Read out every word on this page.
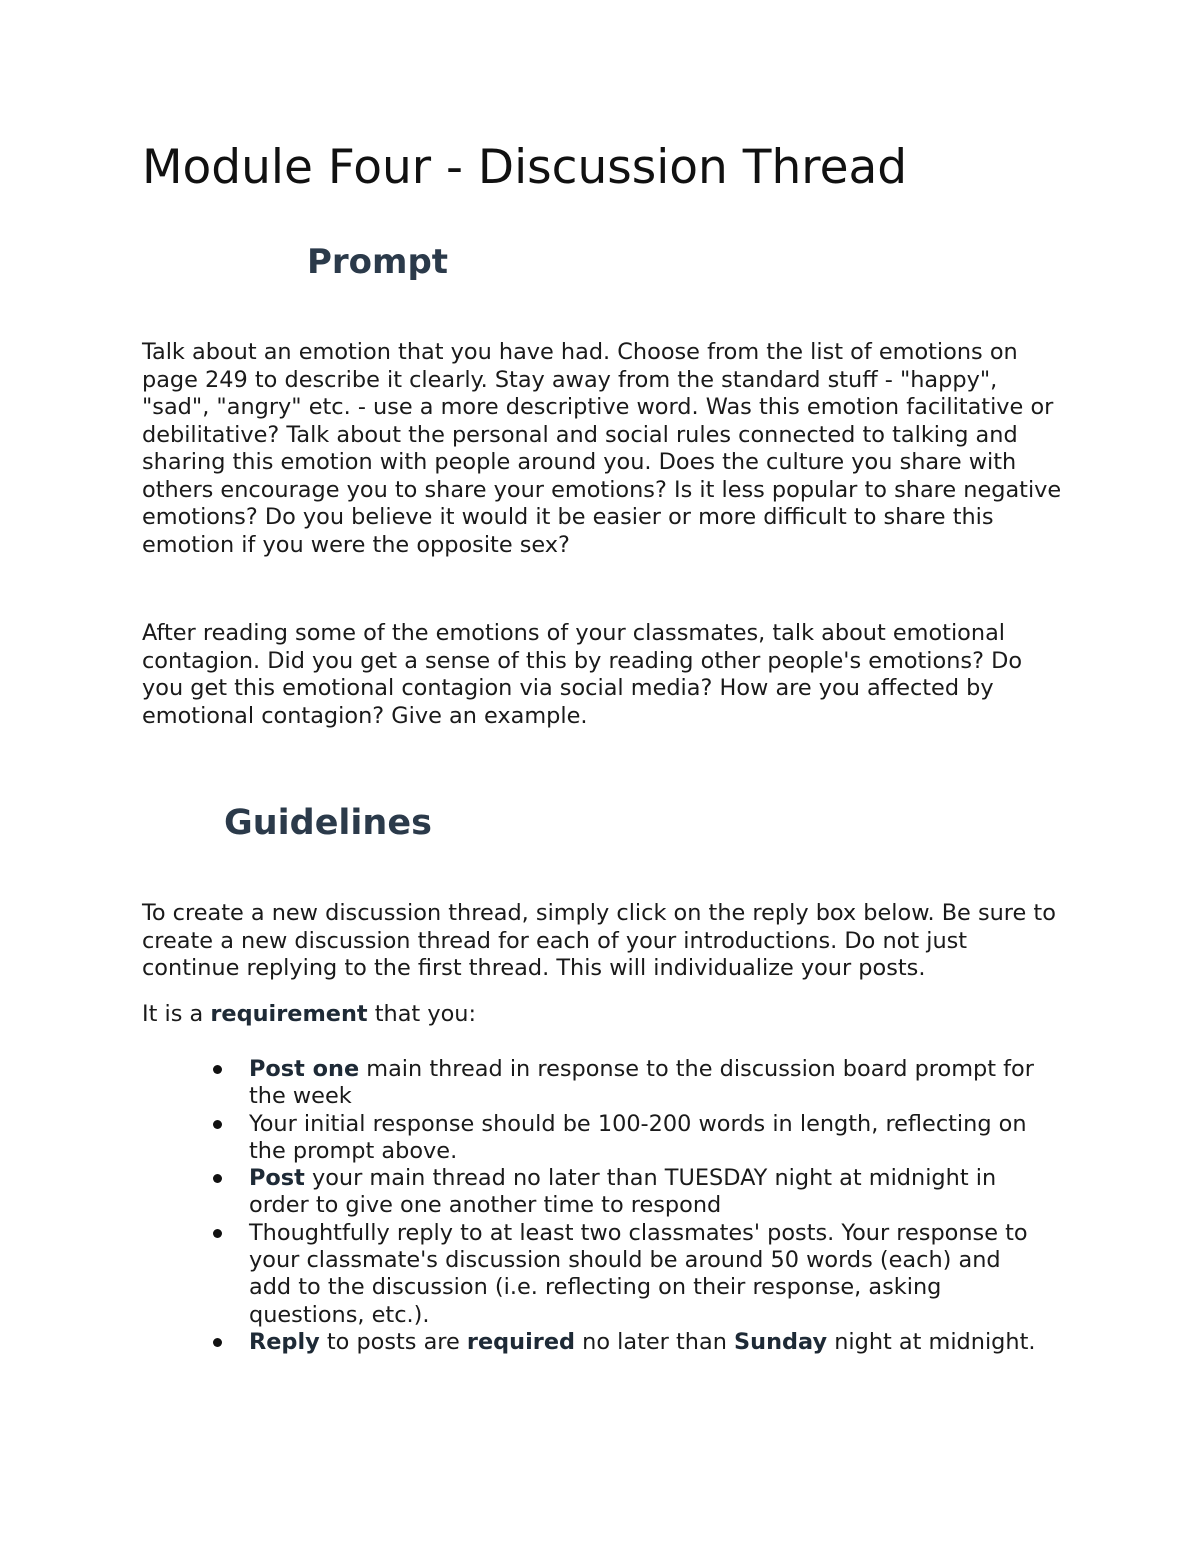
Module Four - Discussion Thread
Prompt

Talk about an emotion that you have had. Choose from the list of emotions on page 249 to describe it clearly. Stay away from the standard stuff - "happy", "sad", "angry" etc. - use a more descriptive word. Was this emotion facilitative or debilitative? Talk about the personal and social rules connected to talking and sharing this emotion with people around you. Does the culture you share with others encourage you to share your emotions? Is it less popular to share negative emotions? Do you believe it would it be easier or more difficult to share this emotion if you were the opposite sex?

After reading some of the emotions of your classmates, talk about emotional contagion. Did you get a sense of this by reading other people's emotions? Do you get this emotional contagion via social media? How are you affected by emotional contagion? Give an example.

Guidelines

To create a new discussion thread, simply click on the reply box below. Be sure to create a new discussion thread for each of your introductions. Do not just continue replying to the first thread. This will individualize your posts.

It is a requirement that you:

Post one main thread in response to the discussion board prompt for the week
Your initial response should be 100-200 words in length, reflecting on the prompt above.
Post your main thread no later than TUESDAY night at midnight in order to give one another time to respond
Thoughtfully reply to at least two classmates' posts. Your response to your classmate's discussion should be around 50 words (each) and add to the discussion (i.e. reflecting on their response, asking questions, etc.).
Reply to posts are required no later than Sunday night at midnight.
